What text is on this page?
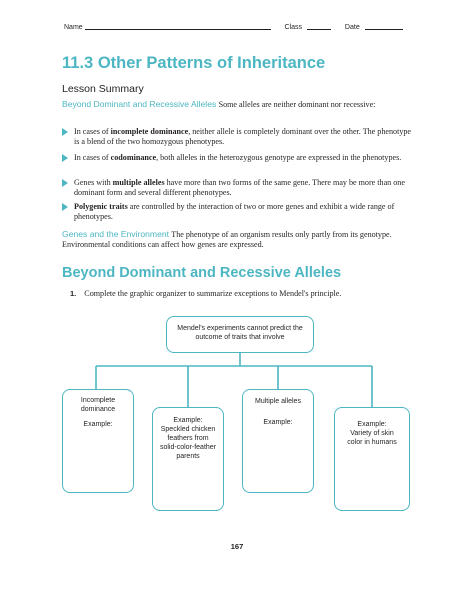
Name	Class	Date
11.3 Other Patterns of Inheritance
Lesson Summary
Beyond Dominant and Recessive Alleles Some alleles are neither dominant nor recessive:
In cases of incomplete dominance, neither allele is completely dominant over the other. The phenotype is a blend of the two homozygous phenotypes.
In cases of codominance, both alleles in the heterozygous genotype are expressed in the phenotypes.
Genes with multiple alleles have more than two forms of the same gene. There may be more than one dominant form and several different phenotypes.
Polygenic traits are controlled by the interaction of two or more genes and exhibit a wide range of phenotypes.
Genes and the Environment The phenotype of an organism results only partly from its genotype. Environmental conditions can affect how genes are expressed.
Beyond Dominant and Recessive Alleles
1. Complete the graphic organizer to summarize exceptions to Mendel's principle.
Mendel's experiments cannot predict the outcome of traits that involve
Incomplete dominance
Example:
Example:
Speckled chicken feathers from solid-color-feather parents
Multiple alleles
Example:	Example:
Variety of skin color in humans
167
